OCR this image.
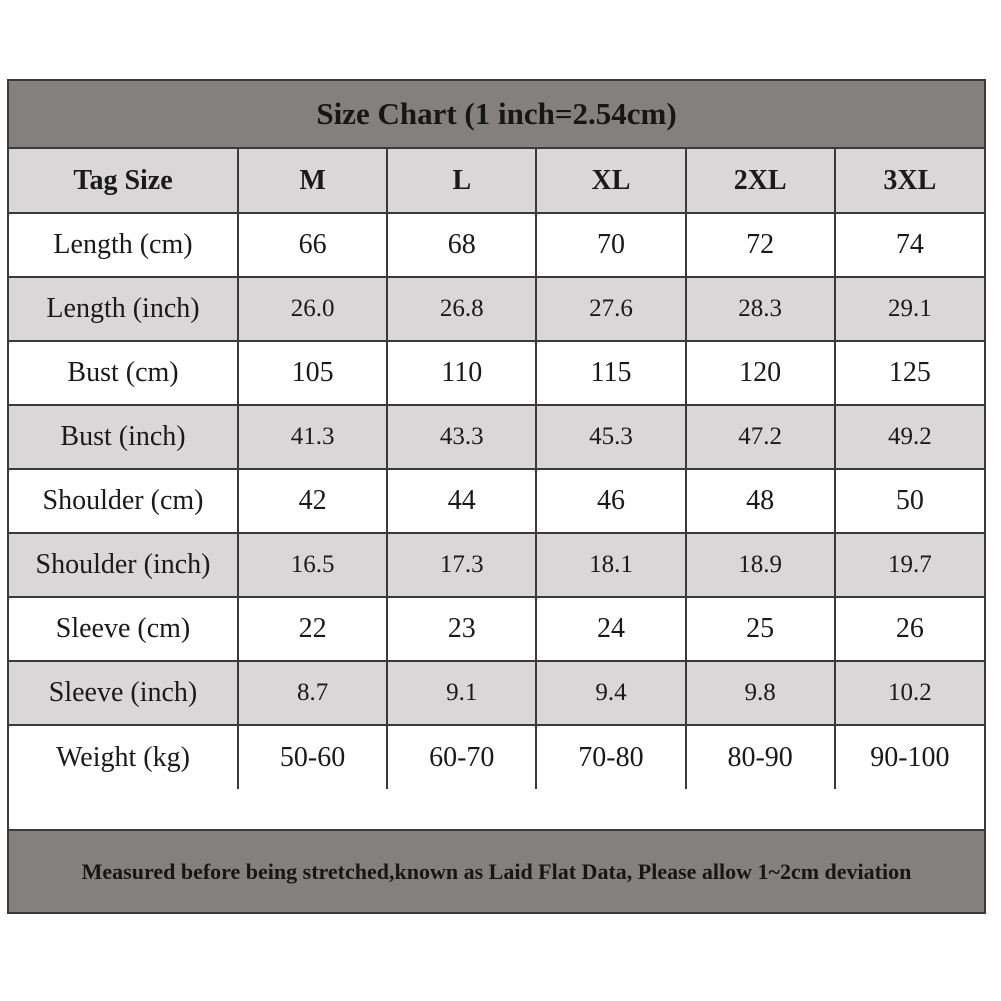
Size Chart (1 inch=2.54cm)
Tag Size	M	L	XL	2XL	3XL
Length (cm)	66	68	70	72	74
Length (inch)	26.0	26.8	27.6	28.3	29.1
Bust (cm)	105	110	115	120	125
Bust (inch)	41.3	43.3	45.3	47.2	49.2
Shoulder (cm)	42	44	46	48	50
Shoulder (inch)	16.5	17.3	18.1	18.9	19.7
Sleeve (cm)	22	23	24	25	26
Sleeve (inch)	8.7	9.1	9.4	9.8	10.2
Weight (kg)	50-60	60-70	70-80	80-90	90-100
Measured before being stretched,known as Laid Flat Data, Please allow 1~2cm deviation
